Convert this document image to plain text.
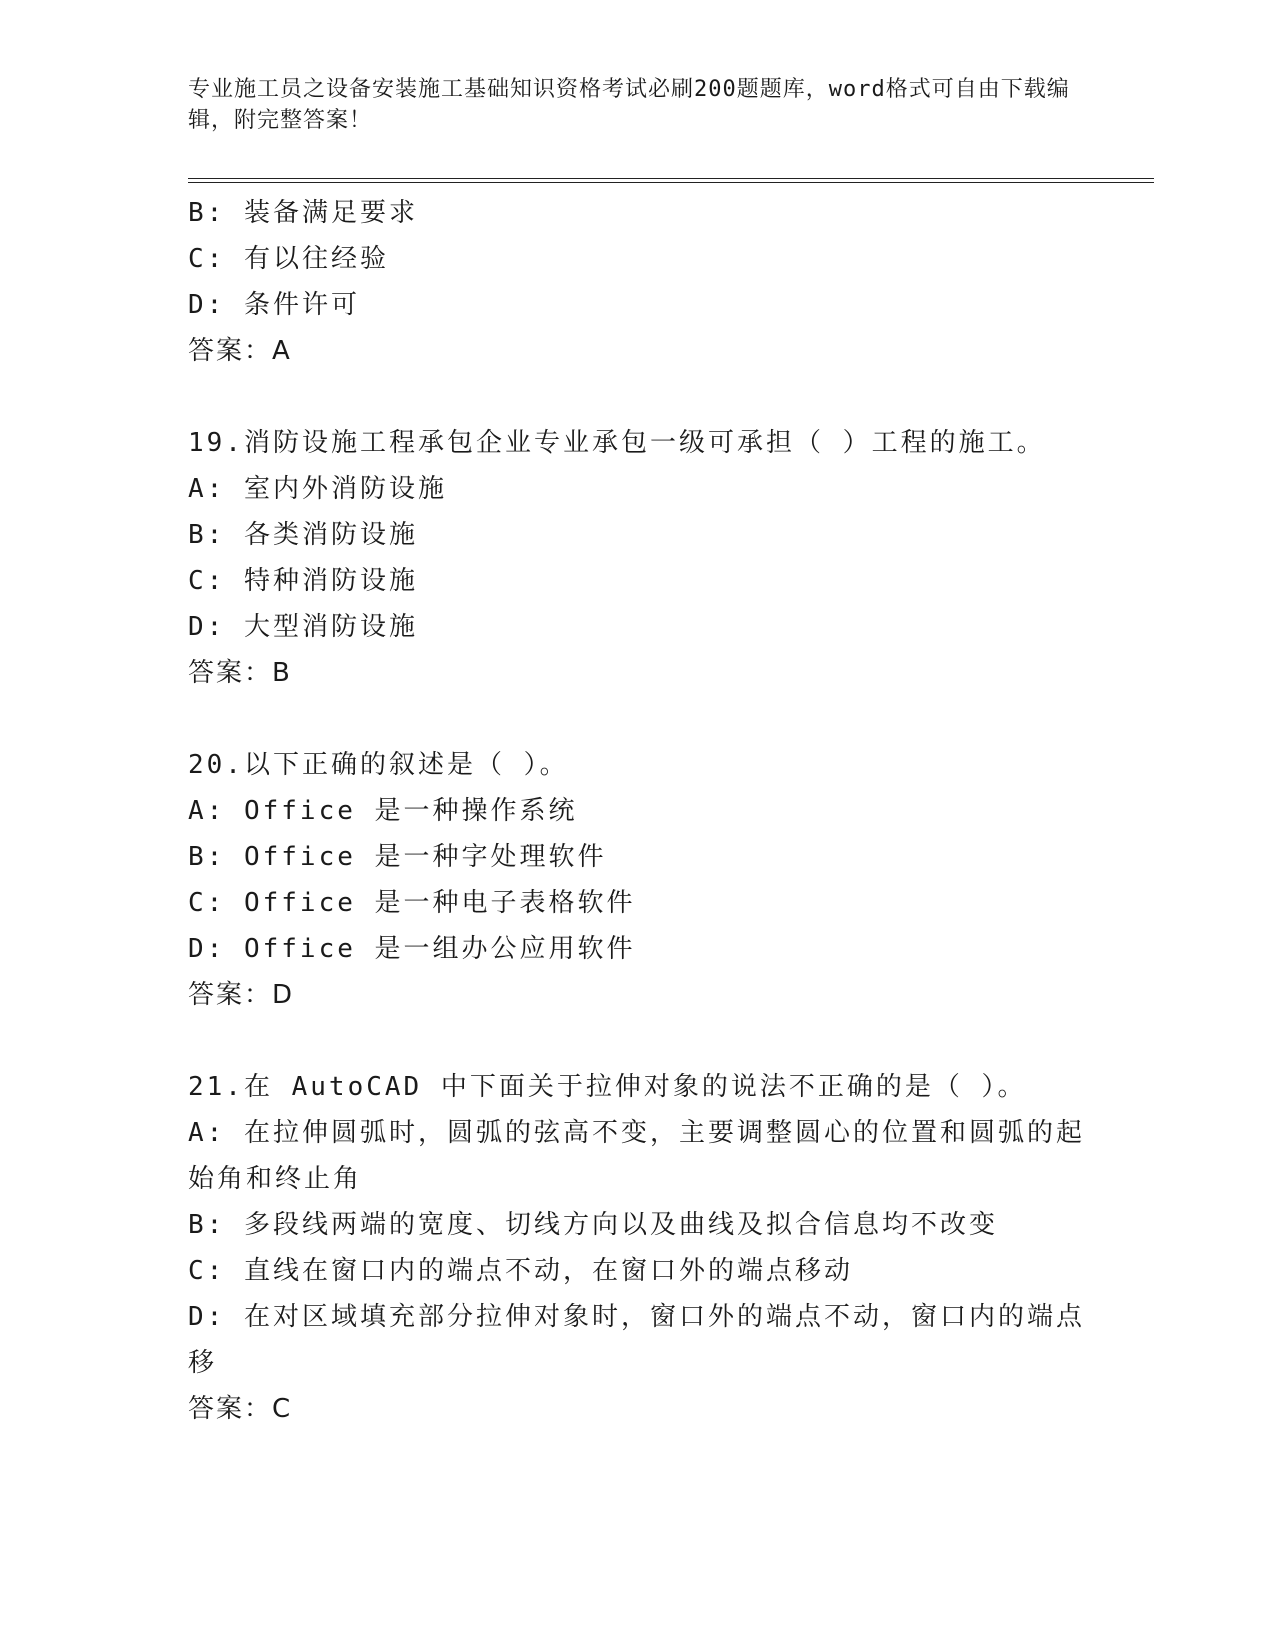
专业施工员之设备安装施工基础知识资格考试必刷200题题库，word格式可自由下载编辑，附完整答案！
B: 装备满足要求
C: 有以往经验
D: 条件许可
答案：A
19.消防设施工程承包企业专业承包一级可承担（ ）工程的施工。
A: 室内外消防设施
B: 各类消防设施
C: 特种消防设施
D: 大型消防设施
答案：B
20.以下正确的叙述是（ ）。
A: Office 是一种操作系统
B: Office 是一种字处理软件
C: Office 是一种电子表格软件
D: Office 是一组办公应用软件
答案：D
21.在 AutoCAD 中下面关于拉伸对象的说法不正确的是（ ）。
A: 在拉伸圆弧时，圆弧的弦高不变，主要调整圆心的位置和圆弧的起始角和终止角
B: 多段线两端的宽度、切线方向以及曲线及拟合信息均不改变
C: 直线在窗口内的端点不动，在窗口外的端点移动
D: 在对区域填充部分拉伸对象时，窗口外的端点不动，窗口内的端点移
答案：C
